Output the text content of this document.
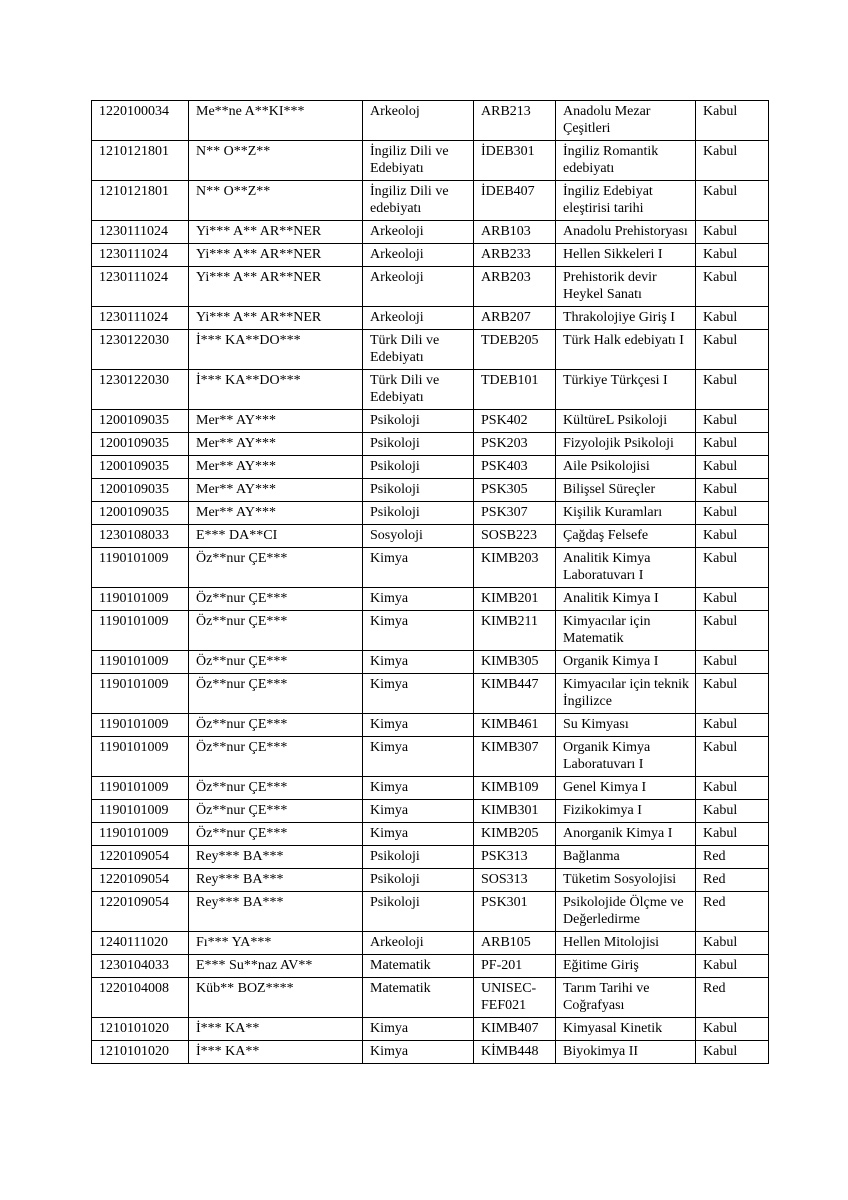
1220100034	Me**ne A**KI***	Arkeoloj	ARB213	Anadolu Mezar Çeşitleri	Kabul
1210121801	N** O**Z**	İngiliz Dili ve Edebiyatı	İDEB301	İngiliz Romantik edebiyatı	Kabul
1210121801	N** O**Z**	İngiliz Dili ve edebiyatı	İDEB407	İngiliz Edebiyat eleştirisi tarihi	Kabul
1230111024	Yi*** A** AR**NER	Arkeoloji	ARB103	Anadolu Prehistoryası	Kabul
1230111024	Yi*** A** AR**NER	Arkeoloji	ARB233	Hellen Sikkeleri I	Kabul
1230111024	Yi*** A** AR**NER	Arkeoloji	ARB203	Prehistorik devir Heykel Sanatı	Kabul
1230111024	Yi*** A** AR**NER	Arkeoloji	ARB207	Thrakolojiye Giriş I	Kabul
1230122030	İ*** KA**DO***	Türk Dili ve Edebiyatı	TDEB205	Türk Halk edebiyatı I	Kabul
1230122030	İ*** KA**DO***	Türk Dili ve Edebiyatı	TDEB101	Türkiye Türkçesi I	Kabul
1200109035	Mer** AY***	Psikoloji	PSK402	KültüreL Psikoloji	Kabul
1200109035	Mer** AY***	Psikoloji	PSK203	Fizyolojik Psikoloji	Kabul
1200109035	Mer** AY***	Psikoloji	PSK403	Aile Psikolojisi	Kabul
1200109035	Mer** AY***	Psikoloji	PSK305	Bilişsel Süreçler	Kabul
1200109035	Mer** AY***	Psikoloji	PSK307	Kişilik Kuramları	Kabul
1230108033	E*** DA**CI	Sosyoloji	SOSB223	Çağdaş Felsefe	Kabul
1190101009	Öz**nur ÇE***	Kimya	KIMB203	Analitik Kimya Laboratuvarı I	Kabul
1190101009	Öz**nur ÇE***	Kimya	KIMB201	Analitik Kimya I	Kabul
1190101009	Öz**nur ÇE***	Kimya	KIMB211	Kimyacılar için Matematik	Kabul
1190101009	Öz**nur ÇE***	Kimya	KIMB305	Organik Kimya I	Kabul
1190101009	Öz**nur ÇE***	Kimya	KIMB447	Kimyacılar için teknik İngilizce	Kabul
1190101009	Öz**nur ÇE***	Kimya	KIMB461	Su Kimyası	Kabul
1190101009	Öz**nur ÇE***	Kimya	KIMB307	Organik Kimya Laboratuvarı I	Kabul
1190101009	Öz**nur ÇE***	Kimya	KIMB109	Genel Kimya I	Kabul
1190101009	Öz**nur ÇE***	Kimya	KIMB301	Fizikokimya I	Kabul
1190101009	Öz**nur ÇE***	Kimya	KIMB205	Anorganik Kimya I	Kabul
1220109054	Rey*** BA***	Psikoloji	PSK313	Bağlanma	Red
1220109054	Rey*** BA***	Psikoloji	SOS313	Tüketim Sosyolojisi	Red
1220109054	Rey*** BA***	Psikoloji	PSK301	Psikolojide Ölçme ve Değerledirme	Red
1240111020	Fı*** YA***	Arkeoloji	ARB105	Hellen Mitolojisi	Kabul
1230104033	E*** Su**naz AV**	Matematik	PF-201	Eğitime Giriş	Kabul
1220104008	Küb** BOZ****	Matematik	UNISEC-FEF021	Tarım Tarihi ve Coğrafyası	Red
1210101020	İ*** KA**	Kimya	KIMB407	Kimyasal Kinetik	Kabul
1210101020	İ*** KA**	Kimya	KİMB448	Biyokimya II	Kabul
